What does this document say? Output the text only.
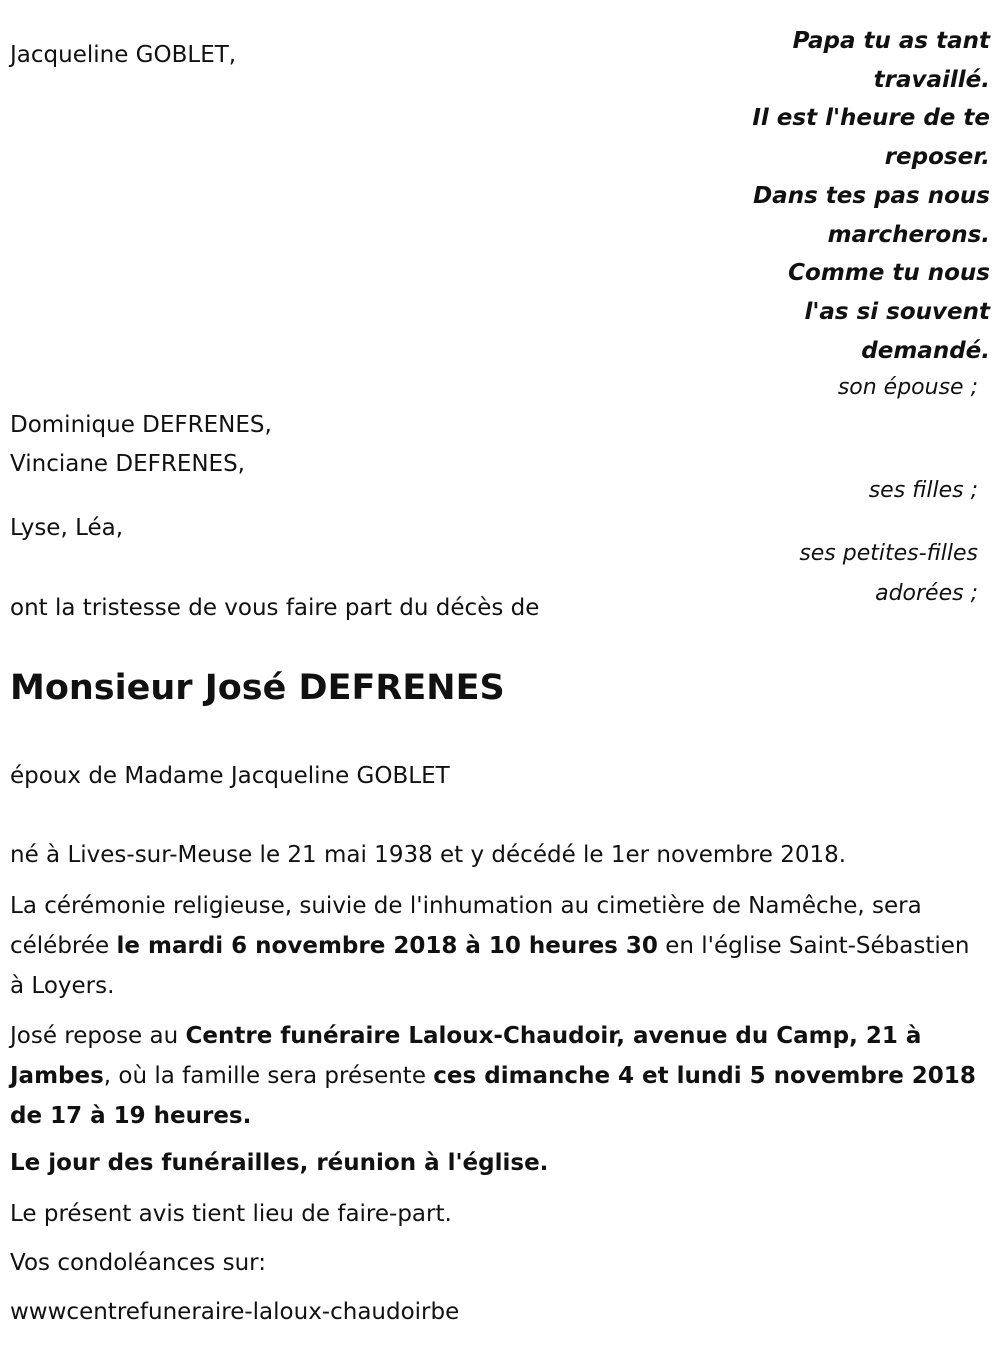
Papa tu as tant
travaillé.
Il est l'heure de te
reposer.
Dans tes pas nous
marcherons.
Comme tu nous
l'as si souvent
demandé.
son épouse ;
ses filles ;
ses petites-filles
adorées ;
Jacqueline GOBLET,
Dominique DEFRENES,
Vinciane DEFRENES,
Lyse, Léa,
ont la tristesse de vous faire part du décès de
Monsieur José DEFRENES
époux de Madame Jacqueline GOBLET
né à Lives-sur-Meuse le 21 mai 1938 et y décédé le 1er novembre 2018.
La cérémonie religieuse, suivie de l'inhumation au cimetière de Namêche, sera célébrée le mardi 6 novembre 2018 à 10 heures 30 en l'église Saint-Sébastien à Loyers.
José repose au Centre funéraire Laloux-Chaudoir, avenue du Camp, 21 à Jambes, où la famille sera présente ces dimanche 4 et lundi 5 novembre 2018 de 17 à 19 heures.
Le jour des funérailles, réunion à l'église.
Le présent avis tient lieu de faire-part.
Vos condoléances sur:
wwwcentrefuneraire-laloux-chaudoirbe
